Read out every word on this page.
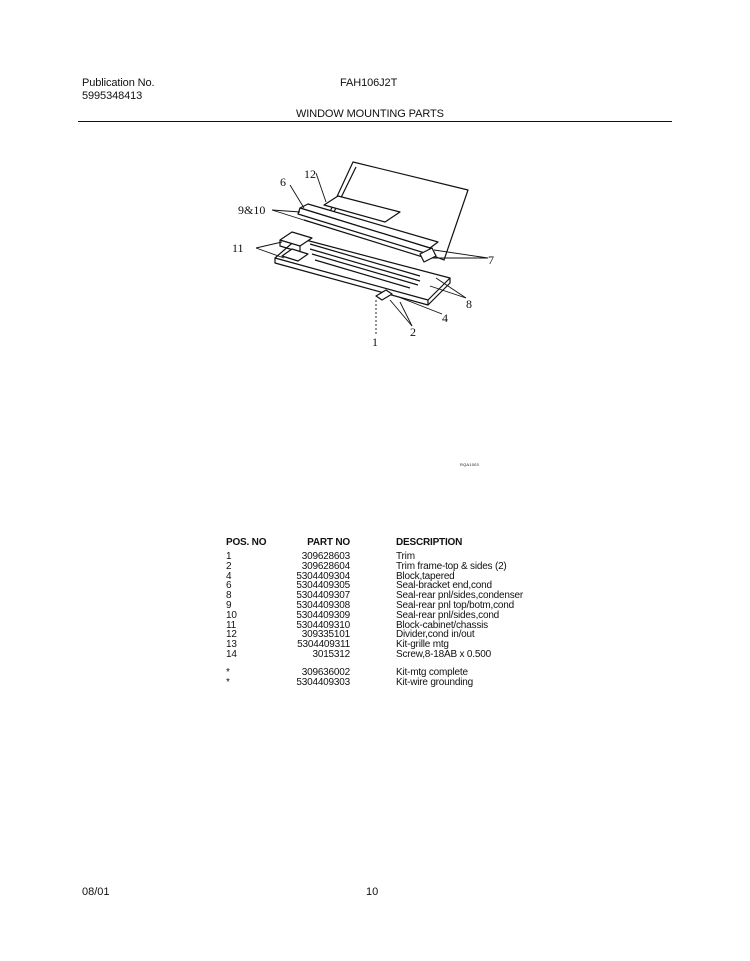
Publication No.
5995348413
FAH106J2T
WINDOW MOUNTING PARTS
12
6
9&10
11
7
8
4
2
1
RQA1003
POS. NO	PART NO	DESCRIPTION
1	309628603	Trim
2	309628604	Trim frame-top & sides (2)
4	5304409304	Block,tapered
6	5304409305	Seal-bracket end,cond
8	5304409307	Seal-rear pnl/sides,condenser
9	5304409308	Seal-rear pnl top/botm,cond
10	5304409309	Seal-rear pnl/sides,cond
11	5304409310	Block-cabinet/chassis
12	309335101	Divider,cond in/out
13	5304409311	Kit-grille mtg
14	3015312	Screw,8-18AB x 0.500
*	309636002	Kit-mtg complete
*	5304409303	Kit-wire grounding
08/01	10
